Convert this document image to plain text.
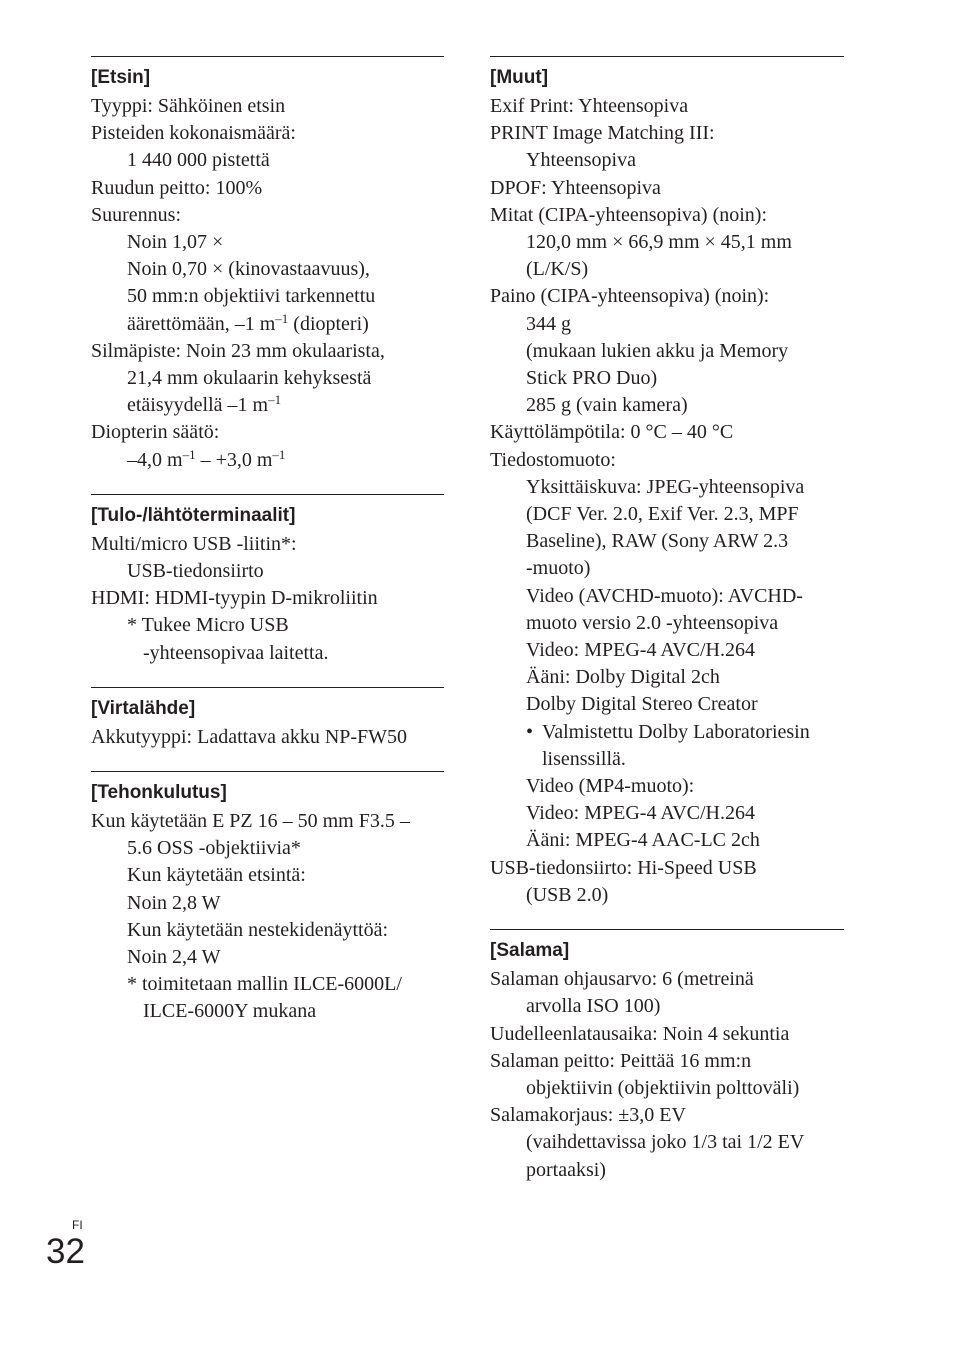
[Etsin]
Tyyppi: Sähköinen etsin
Pisteiden kokonaismäärä:
1 440 000 pistettä
Ruudun peitto: 100%
Suurennus:
Noin 1,07 ×
Noin 0,70 × (kinovastaavuus),
50 mm:n objektiivi tarkennettu
äärettömään, –1 $m^{-1}$ (diopteri)
Silmäpiste: Noin 23 mm okulaarista,
21,4 mm okulaarin kehyksestä
etäisyydellä –1 $m^{-1}$
Diopterin säätö:
–4,0 $m^{-1} - +3,0$ $m^{-1}$
[Tulo-/lähtöterminaalit]
Multi/micro USB -liitin*:
USB-tiedonsiirto
HDMI: HDMI-tyypin D-mikroliitin
* Tukee Micro USB
-yhteensopivaa laitetta.
[Virtalähde]
Akkutyyppi: Ladattava akku NP-FW50
[Tehonkulutus]
Kun käytetään E PZ 16 – 50 mm F3.5 –
5.6 OSS -objektiivia*
Kun käytetään etsintä:
Noin 2,8 W
Kun käytetään nestekidenäyttöä:
Noin 2,4 W
* toimitetaan mallin ILCE-6000L/
ILCE-6000Y mukana
[Muut]
Exif Print: Yhteensopiva
PRINT Image Matching III:
Yhteensopiva
DPOF: Yhteensopiva
Mitat (CIPA-yhteensopiva) (noin):
120,0 mm × 66,9 mm × 45,1 mm
(L/K/S)
Paino (CIPA-yhteensopiva) (noin):
344 g
(mukaan lukien akku ja Memory
Stick PRO Duo)
285 g (vain kamera)
Käyttölämpötila: 0 °C – 40 °C
Tiedostomuoto:
Yksittäiskuva: JPEG-yhteensopiva
(DCF Ver. 2.0, Exif Ver. 2.3, MPF
Baseline), RAW (Sony ARW 2.3
-muoto)
Video (AVCHD-muoto): AVCHD-
muoto versio 2.0 -yhteensopiva
Video: MPEG-4 AVC/H.264
Ääni: Dolby Digital 2ch
Dolby Digital Stereo Creator
• Valmistettu Dolby Laboratoriesin
lisenssillä.
Video (MP4-muoto):
Video: MPEG-4 AVC/H.264
Ääni: MPEG-4 AAC-LC 2ch
USB-tiedonsiirto: Hi-Speed USB
(USB 2.0)
[Salama]
Salaman ohjausarvo: 6 (metreinä
arvolla ISO 100)
Uudelleenlatausaika: Noin 4 sekuntia
Salaman peitto: Peittää 16 mm:n
objektiivin (objektiivin polttoväli)
Salamakorjaus: ±3,0 EV
(vaihdettavissa joko 1/3 tai 1/2 EV
portaaksi)
FI
32
